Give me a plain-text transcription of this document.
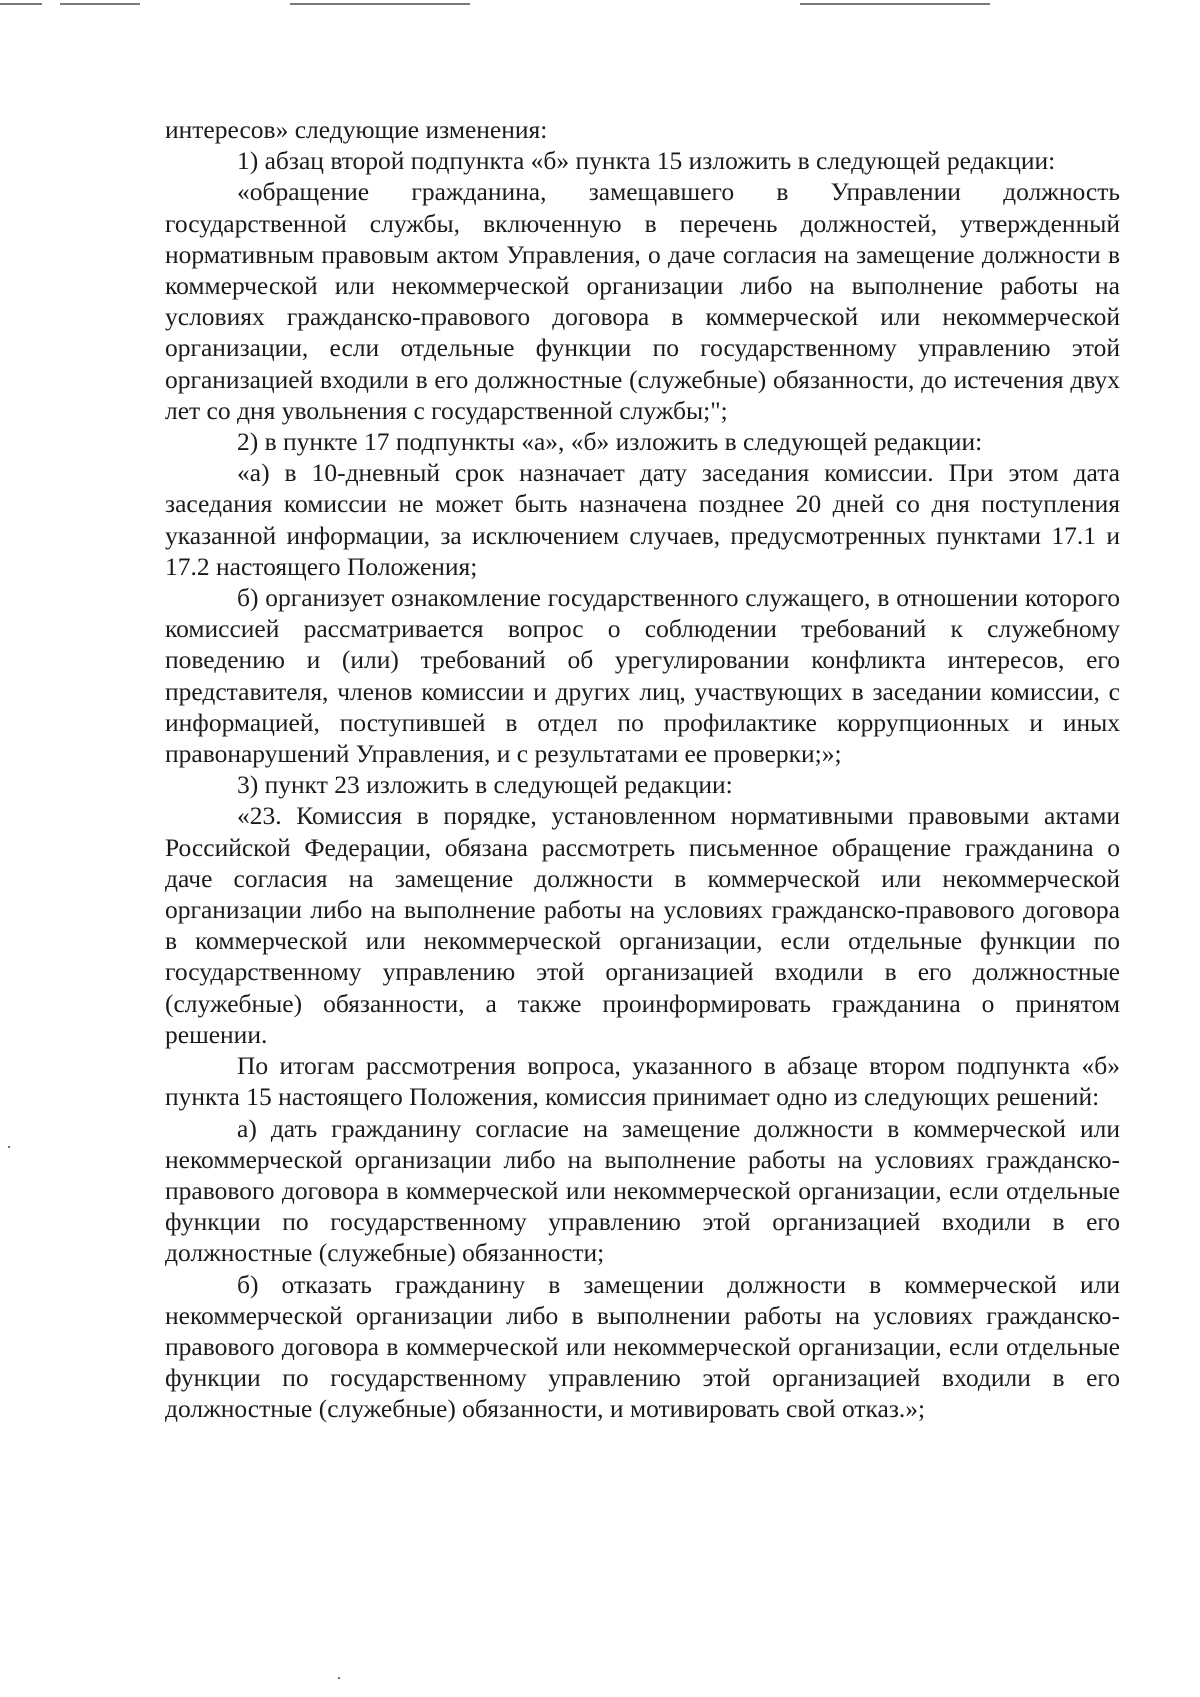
интересов» следующие изменения:

1) абзац второй подпункта «б» пункта 15 изложить в следующей редакции:

«обращение гражданина, замещавшего в Управлении должность государственной службы, включенную в перечень должностей, утвержденный нормативным правовым актом Управления, о даче согласия на замещение должности в коммерческой или некоммерческой организации либо на выполнение работы на условиях гражданско-правового договора в коммерческой или некоммерческой организации, если отдельные функции по государственному управлению этой организацией входили в его должностные (служебные) обязанности, до истечения двух лет со дня увольнения с государственной службы;";

2) в пункте 17 подпункты «а», «б» изложить в следующей редакции:

«а) в 10-дневный срок назначает дату заседания комиссии. При этом дата заседания комиссии не может быть назначена позднее 20 дней со дня поступления указанной информации, за исключением случаев, предусмотренных пунктами 17.1 и 17.2 настоящего Положения;

б) организует ознакомление государственного служащего, в отношении которого комиссией рассматривается вопрос о соблюдении требований к служебному поведению и (или) требований об урегулировании конфликта интересов, его представителя, членов комиссии и других лиц, участвующих в заседании комиссии, с информацией, поступившей в отдел по профилактике коррупционных и иных правонарушений Управления, и с результатами ее проверки;»;

3) пункт 23 изложить в следующей редакции:

«23. Комиссия в порядке, установленном нормативными правовыми актами Российской Федерации, обязана рассмотреть письменное обращение гражданина о даче согласия на замещение должности в коммерческой или некоммерческой организации либо на выполнение работы на условиях гражданско-правового договора в коммерческой или некоммерческой организации, если отдельные функции по государственному управлению этой организацией входили в его должностные (служебные) обязанности, а также проинформировать гражданина о принятом решении.

По итогам рассмотрения вопроса, указанного в абзаце втором подпункта «б» пункта 15 настоящего Положения, комиссия принимает одно из следующих решений:

а) дать гражданину согласие на замещение должности в коммерческой или некоммерческой организации либо на выполнение работы на условиях гражданско-правового договора в коммерческой или некоммерческой организации, если отдельные функции по государственному управлению этой организацией входили в его должностные (служебные) обязанности;

б) отказать гражданину в замещении должности в коммерческой или некоммерческой организации либо в выполнении работы на условиях гражданско-правового договора в коммерческой или некоммерческой организации, если отдельные функции по государственному управлению этой организацией входили в его должностные (служебные) обязанности, и мотивировать свой отказ.»;
